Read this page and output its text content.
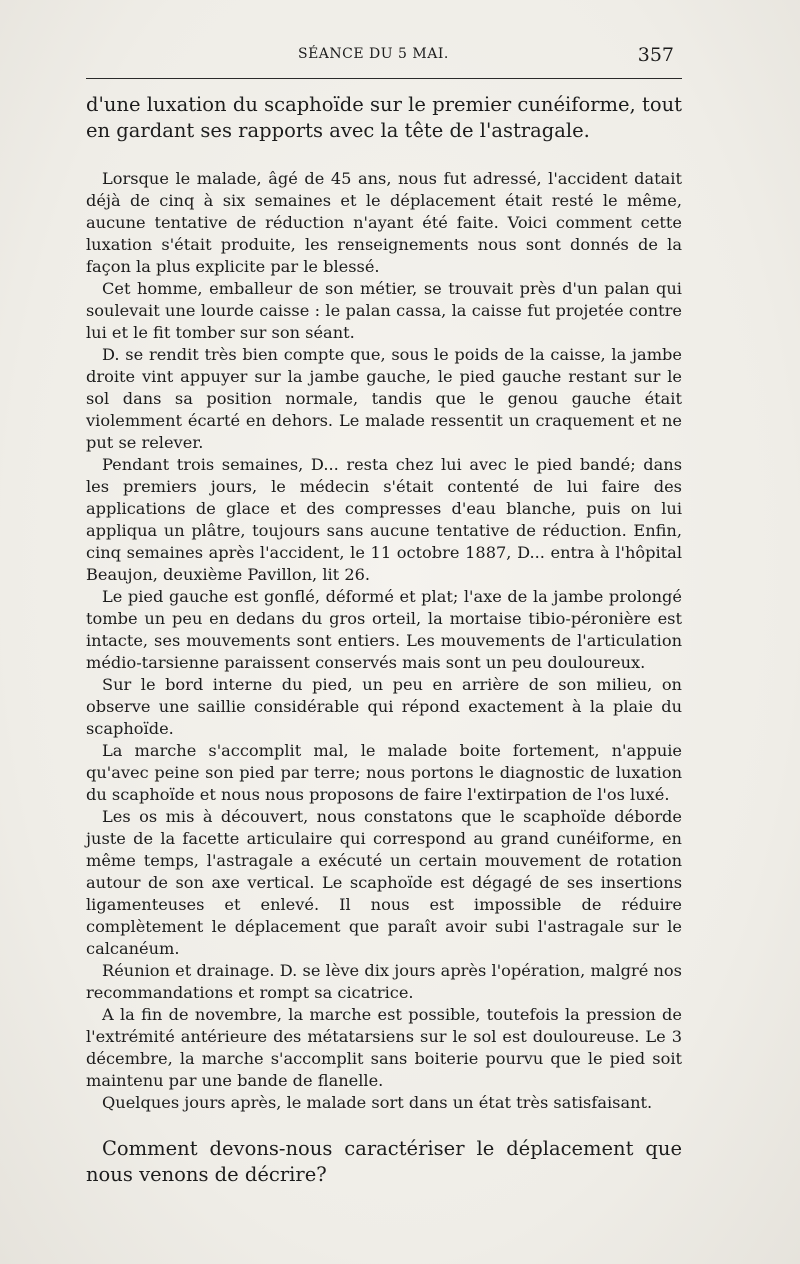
SÉANCE DU 5 MAI.	357

d'une luxation du scaphoïde sur le premier cunéiforme, tout en gardant ses rapports avec la tête de l'astragale.

Lorsque le malade, âgé de 45 ans, nous fut adressé, l'accident datait déjà de cinq à six semaines et le déplacement était resté le même, aucune tentative de réduction n'ayant été faite. Voici comment cette luxation s'était produite, les renseignements nous sont donnés de la façon la plus explicite par le blessé.

Cet homme, emballeur de son métier, se trouvait près d'un palan qui soulevait une lourde caisse : le palan cassa, la caisse fut projetée contre lui et le fit tomber sur son séant.

D. se rendit très bien compte que, sous le poids de la caisse, la jambe droite vint appuyer sur la jambe gauche, le pied gauche restant sur le sol dans sa position normale, tandis que le genou gauche était violemment écarté en dehors. Le malade ressentit un craquement et ne put se relever.

Pendant trois semaines, D... resta chez lui avec le pied bandé; dans les premiers jours, le médecin s'était contenté de lui faire des applications de glace et des compresses d'eau blanche, puis on lui appliqua un plâtre, toujours sans aucune tentative de réduction. Enfin, cinq semaines après l'accident, le 11 octobre 1887, D... entra à l'hôpital Beaujon, deuxième Pavillon, lit 26.

Le pied gauche est gonflé, déformé et plat; l'axe de la jambe prolongé tombe un peu en dedans du gros orteil, la mortaise tibio-péronière est intacte, ses mouvements sont entiers. Les mouvements de l'articulation médio-tarsienne paraissent conservés mais sont un peu douloureux.

Sur le bord interne du pied, un peu en arrière de son milieu, on observe une saillie considérable qui répond exactement à la plaie du scaphoïde.

La marche s'accomplit mal, le malade boite fortement, n'appuie qu'avec peine son pied par terre; nous portons le diagnostic de luxation du scaphoïde et nous nous proposons de faire l'extirpation de l'os luxé.

Les os mis à découvert, nous constatons que le scaphoïde déborde juste de la facette articulaire qui correspond au grand cunéiforme, en même temps, l'astragale a exécuté un certain mouvement de rotation autour de son axe vertical. Le scaphoïde est dégagé de ses insertions ligamenteuses et enlevé. Il nous est impossible de réduire complètement le déplacement que paraît avoir subi l'astragale sur le calcanéum.

Réunion et drainage. D. se lève dix jours après l'opération, malgré nos recommandations et rompt sa cicatrice.

A la fin de novembre, la marche est possible, toutefois la pression de l'extrémité antérieure des métatarsiens sur le sol est douloureuse. Le 3 décembre, la marche s'accomplit sans boiterie pourvu que le pied soit maintenu par une bande de flanelle.

Quelques jours après, le malade sort dans un état très satisfaisant.

Comment devons-nous caractériser le déplacement que nous venons de décrire?
